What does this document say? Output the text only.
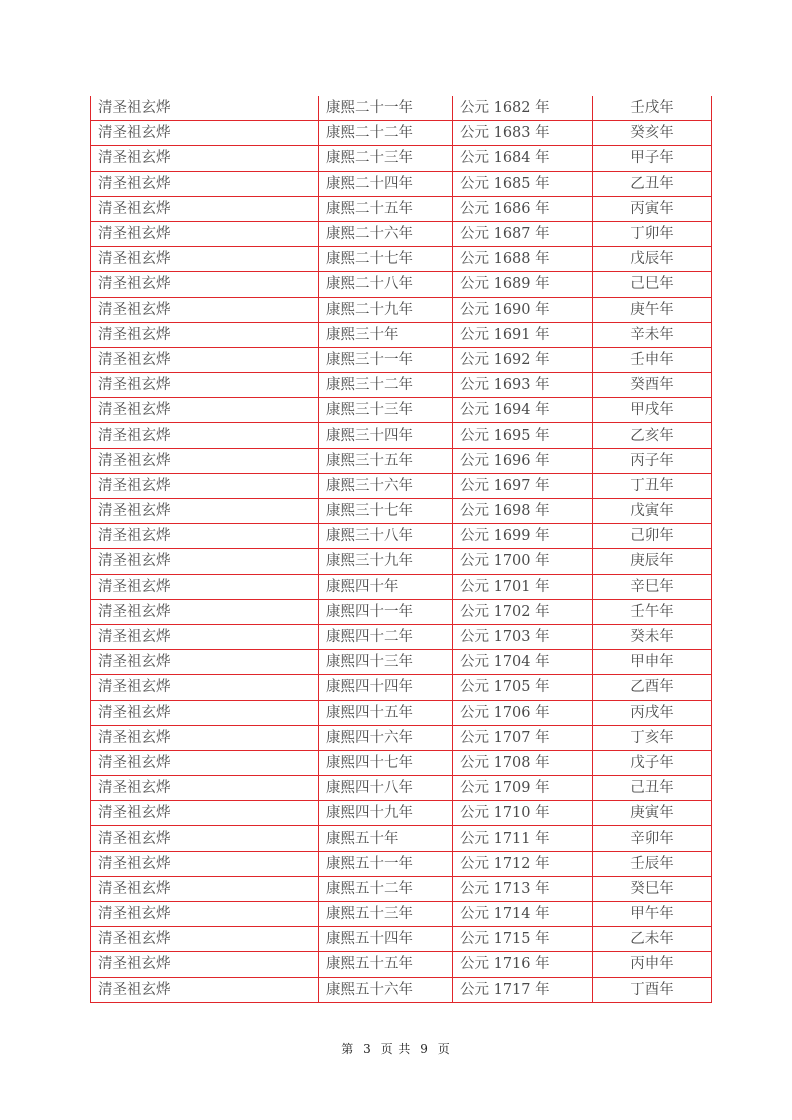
清圣祖玄烨	康熙二十一年	公元 1682 年	壬戌年
清圣祖玄烨	康熙二十二年	公元 1683 年	癸亥年
清圣祖玄烨	康熙二十三年	公元 1684 年	甲子年
清圣祖玄烨	康熙二十四年	公元 1685 年	乙丑年
清圣祖玄烨	康熙二十五年	公元 1686 年	丙寅年
清圣祖玄烨	康熙二十六年	公元 1687 年	丁卯年
清圣祖玄烨	康熙二十七年	公元 1688 年	戊辰年
清圣祖玄烨	康熙二十八年	公元 1689 年	己巳年
清圣祖玄烨	康熙二十九年	公元 1690 年	庚午年
清圣祖玄烨	康熙三十年	公元 1691 年	辛未年
清圣祖玄烨	康熙三十一年	公元 1692 年	壬申年
清圣祖玄烨	康熙三十二年	公元 1693 年	癸酉年
清圣祖玄烨	康熙三十三年	公元 1694 年	甲戌年
清圣祖玄烨	康熙三十四年	公元 1695 年	乙亥年
清圣祖玄烨	康熙三十五年	公元 1696 年	丙子年
清圣祖玄烨	康熙三十六年	公元 1697 年	丁丑年
清圣祖玄烨	康熙三十七年	公元 1698 年	戊寅年
清圣祖玄烨	康熙三十八年	公元 1699 年	己卯年
清圣祖玄烨	康熙三十九年	公元 1700 年	庚辰年
清圣祖玄烨	康熙四十年	公元 1701 年	辛巳年
清圣祖玄烨	康熙四十一年	公元 1702 年	壬午年
清圣祖玄烨	康熙四十二年	公元 1703 年	癸未年
清圣祖玄烨	康熙四十三年	公元 1704 年	甲申年
清圣祖玄烨	康熙四十四年	公元 1705 年	乙酉年
清圣祖玄烨	康熙四十五年	公元 1706 年	丙戌年
清圣祖玄烨	康熙四十六年	公元 1707 年	丁亥年
清圣祖玄烨	康熙四十七年	公元 1708 年	戊子年
清圣祖玄烨	康熙四十八年	公元 1709 年	己丑年
清圣祖玄烨	康熙四十九年	公元 1710 年	庚寅年
清圣祖玄烨	康熙五十年	公元 1711 年	辛卯年
清圣祖玄烨	康熙五十一年	公元 1712 年	壬辰年
清圣祖玄烨	康熙五十二年	公元 1713 年	癸巳年
清圣祖玄烨	康熙五十三年	公元 1714 年	甲午年
清圣祖玄烨	康熙五十四年	公元 1715 年	乙未年
清圣祖玄烨	康熙五十五年	公元 1716 年	丙申年
清圣祖玄烨	康熙五十六年	公元 1717 年	丁酉年
第 3 页 共 9 页
